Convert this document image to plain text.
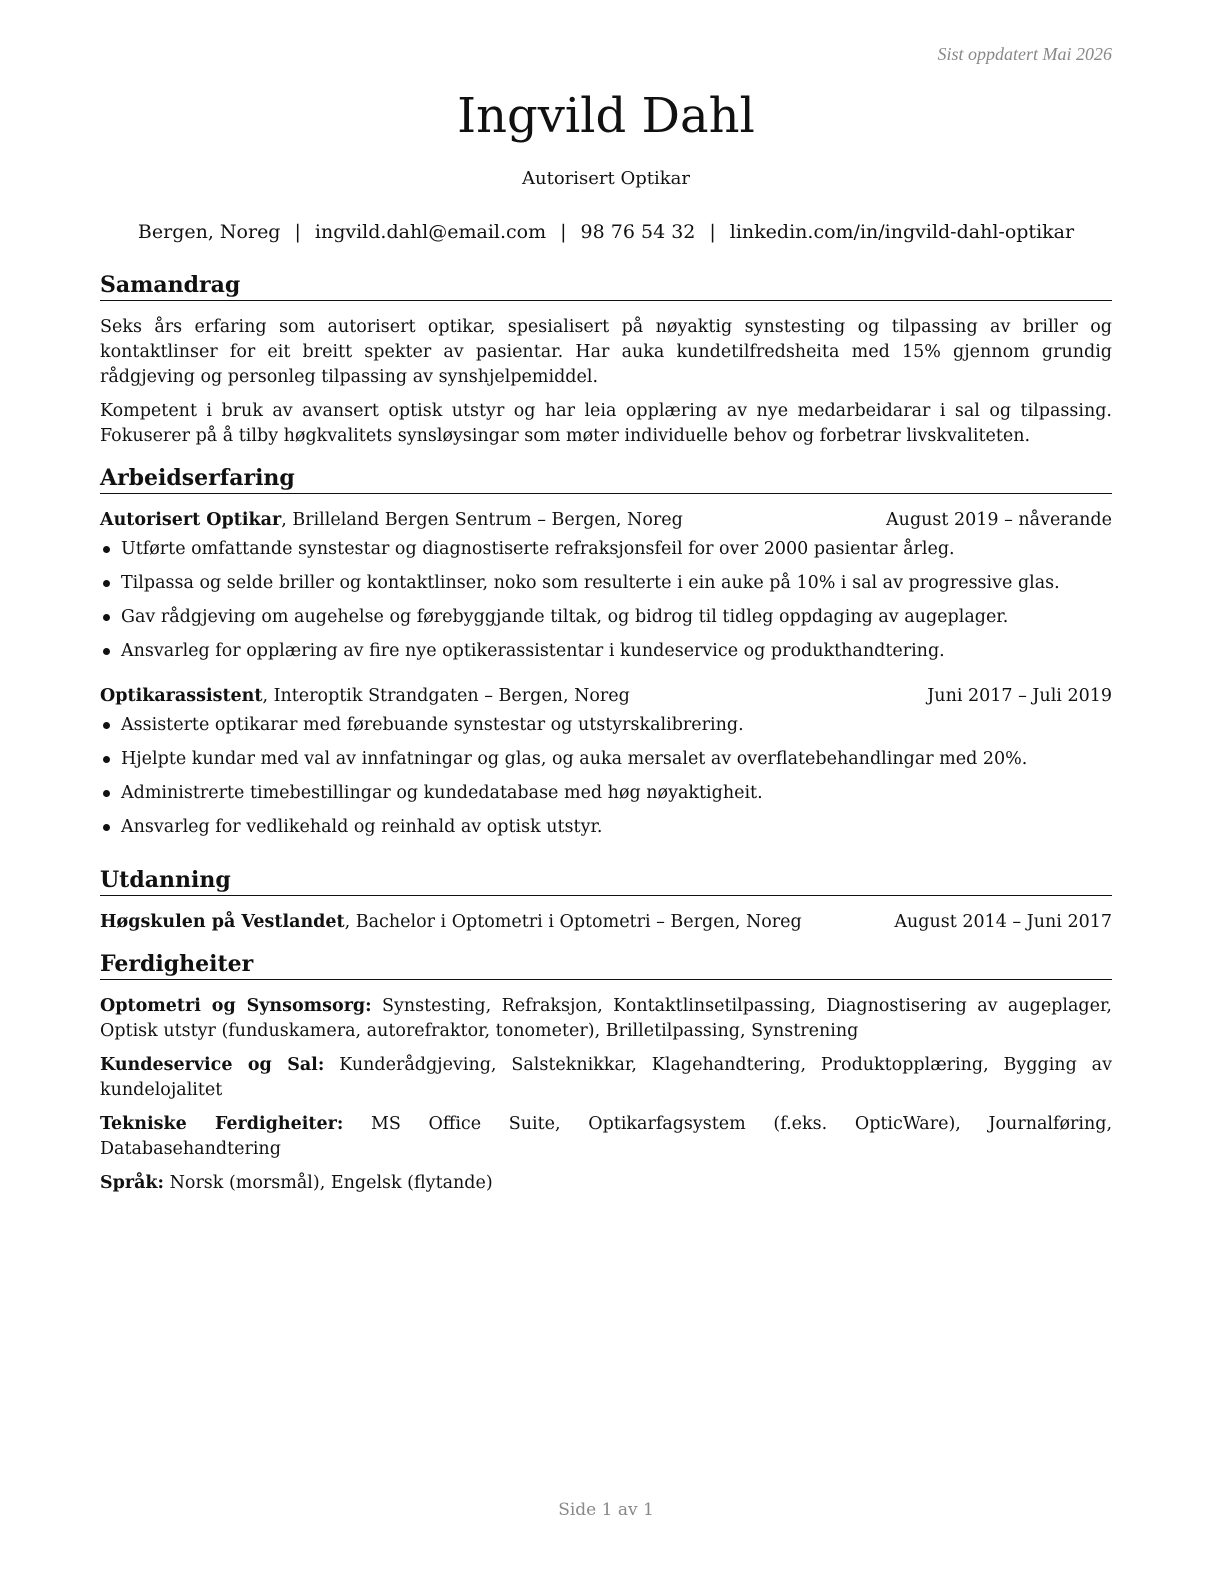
Sist oppdatert Mai 2026
Ingvild Dahl
Autorisert Optikar
Bergen, Noreg | ingvild.dahl@email.com | 98 76 54 32 | linkedin.com/in/ingvild-dahl-optikar
Samandrag

Seks års erfaring som autorisert optikar, spesialisert på nøyaktig synstesting og tilpassing av briller og kontaktlinser for eit breitt spekter av pasientar. Har auka kundetilfredsheita med 15% gjennom grundig rådgjeving og personleg tilpassing av synshjelpemiddel.

Kompetent i bruk av avansert optisk utstyr og har leia opplæring av nye medarbeidarar i sal og tilpassing. Fokuserer på å tilby høgkvalitets synsløysingar som møter individuelle behov og forbetrar livskvaliteten.

Arbeidserfaring
Autorisert Optikar, Brilleland Bergen Sentrum – Bergen, Noreg	August 2019 – nåverande
Utførte omfattande synstestar og diagnostiserte refraksjonsfeil for over 2000 pasientar årleg.
Tilpassa og selde briller og kontaktlinser, noko som resulterte i ein auke på 10% i sal av progressive glas.
Gav rådgjeving om augehelse og førebyggjande tiltak, og bidrog til tidleg oppdaging av augeplager.
Ansvarleg for opplæring av fire nye optikerassistentar i kundeservice og produkthandtering.
Optikarassistent, Interoptik Strandgaten – Bergen, Noreg	Juni 2017 – Juli 2019
Assisterte optikarar med førebuande synstestar og utstyrskalibrering.
Hjelpte kundar med val av innfatningar og glas, og auka mersalet av overflatebehandlingar med 20%.
Administrerte timebestillingar og kundedatabase med høg nøyaktigheit.
Ansvarleg for vedlikehald og reinhald av optisk utstyr.
Utdanning
Høgskulen på Vestlandet, Bachelor i Optometri i Optometri – Bergen, Noreg	August 2014 – Juni 2017
Ferdigheiter

Optometri og Synsomsorg: Synstesting, Refraksjon, Kontaktlinsetilpassing, Diagnostisering av augeplager, Optisk utstyr (funduskamera, autorefraktor, tonometer), Brilletilpassing, Synstrening

Kundeservice og Sal: Kunderådgjeving, Salsteknikkar, Klagehandtering, Produktopplæring, Bygging av kundelojalitet

Tekniske Ferdigheiter: MS Office Suite, Optikarfagsystem (f.eks. OpticWare), Journalføring, Databasehandtering

Språk: Norsk (morsmål), Engelsk (flytande)

Side 1 av 1
